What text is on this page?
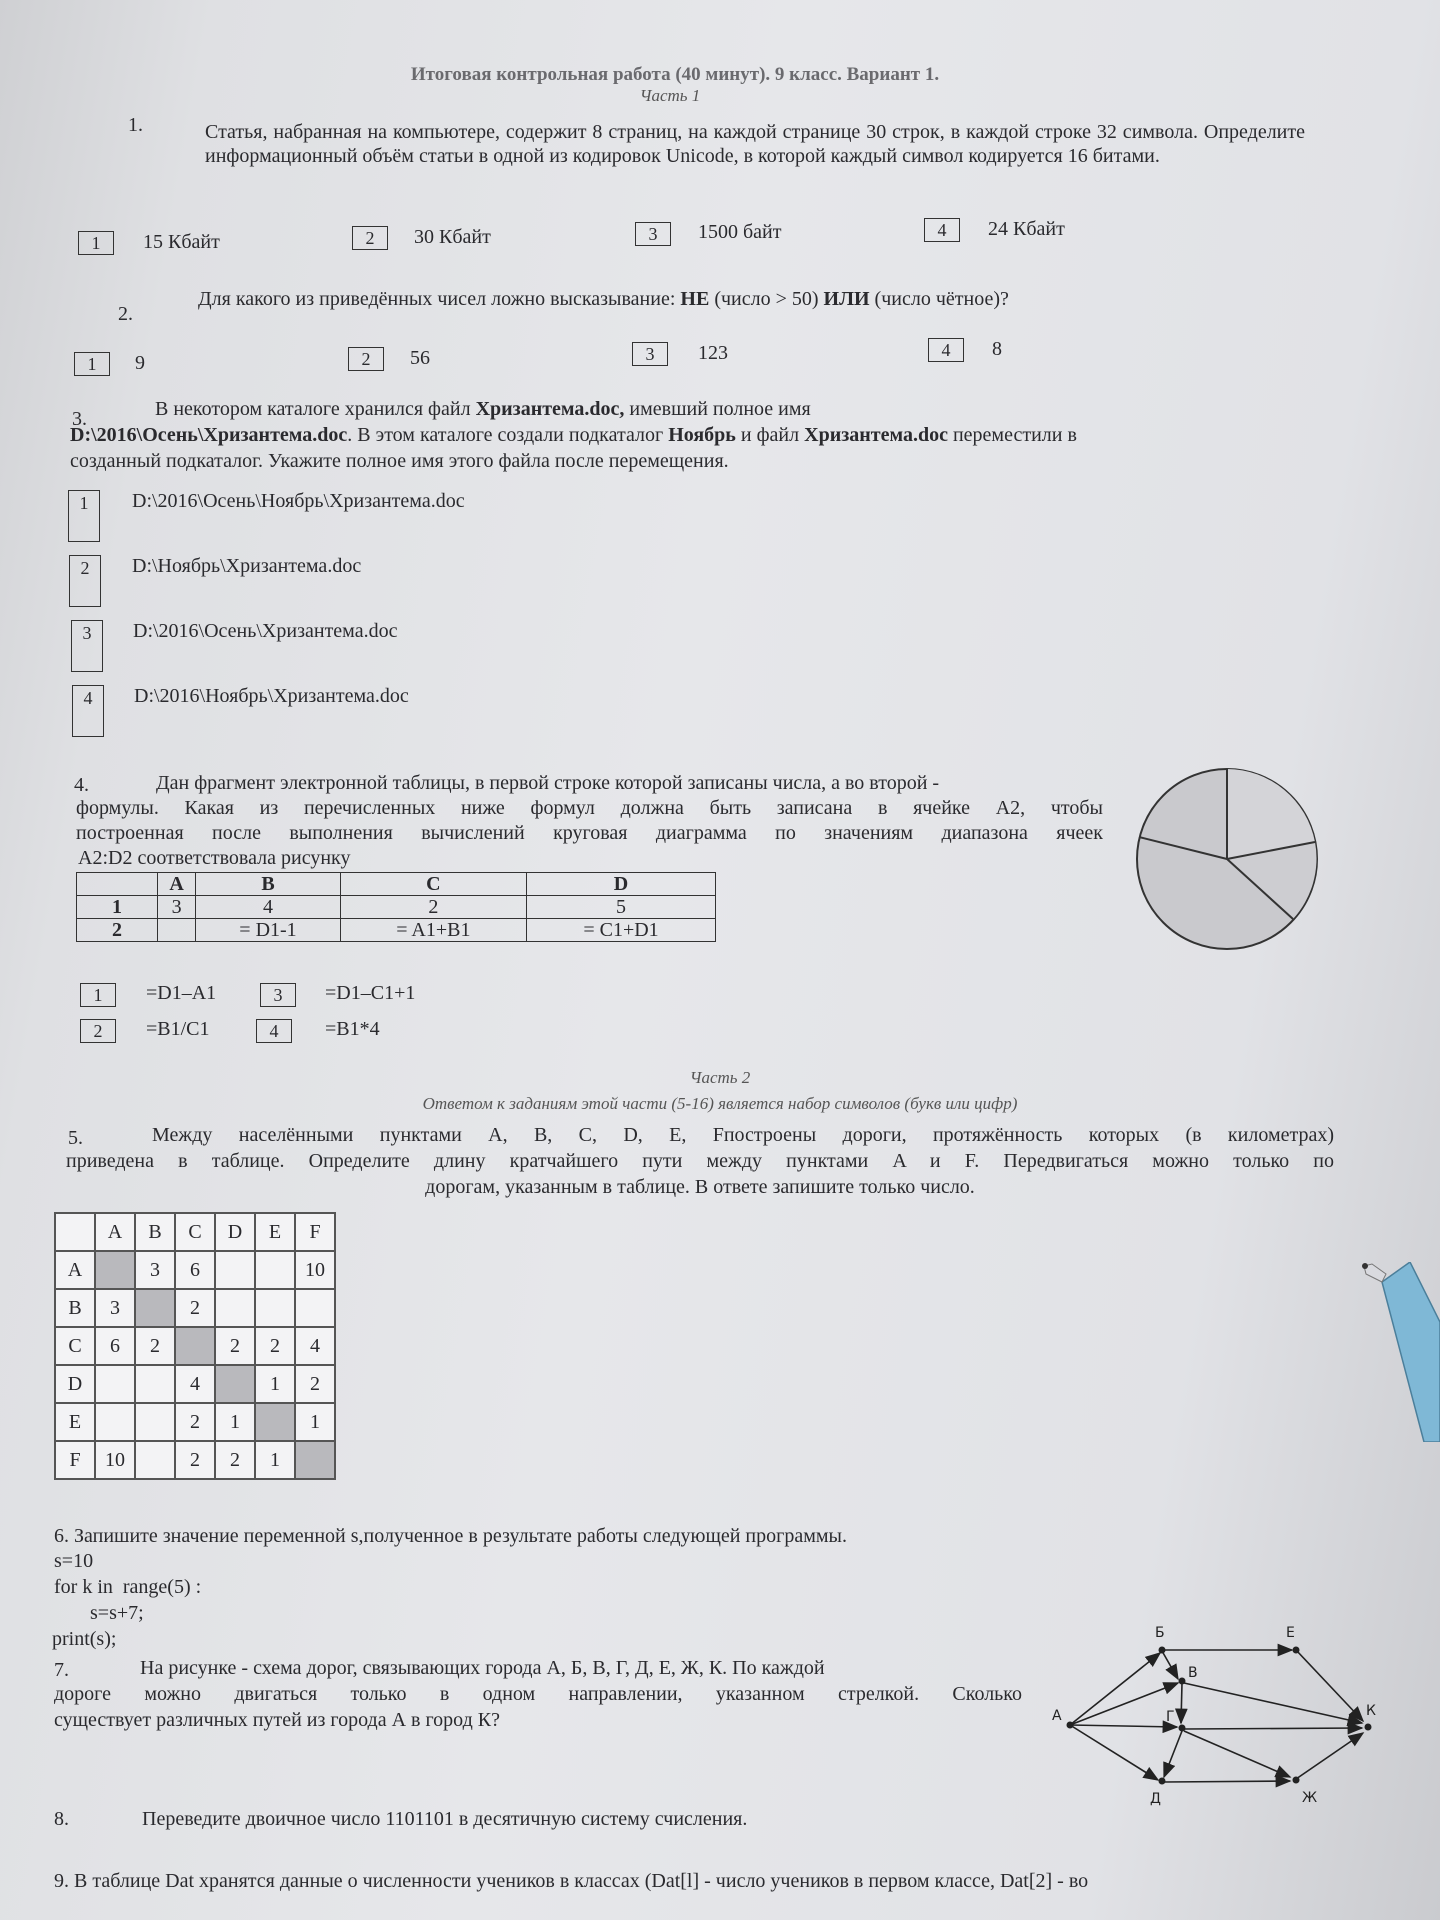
Итоговая контрольная работа (40 минут). 9 класс. Вариант 1.
Часть 1
1.	Статья, набранная на компьютере, содержит 8 страниц, на каждой странице 30 строк, в каждой строке 32 символа. Определите информационный объём статьи в одной из кодировок Unicode, в которой каждый символ кодируется 16 битами.
1	15 Кбайт	2	30 Кбайт	3	1500 байт	4	24 Кбайт
2.
Для какого из приведённых чисел ложно высказывание: НЕ (число > 50) ИЛИ (число чётное)?
1	9	2	56	3	123	4	8
3.	В некотором каталоге хранился файл Хризантема.doc, имевший полное имя
D:\2016\Осень\Хризантема.doc. В этом каталоге создали подкаталог Ноябрь и файл Хризантема.doc переместили в
созданный подкаталог. Укажите полное имя этого файла после перемещения.
1	D:\2016\Осень\Ноябрь\Хризантема.doc
2	D:\Ноябрь\Хризантема.doc
3	D:\2016\Осень\Хризантема.doc
4	D:\2016\Ноябрь\Хризантема.doc
4.	Дан фрагмент электронной таблицы, в первой строке которой записаны числа, а во второй -
формулы. Какая из перечисленных ниже формул должна быть записана в ячейке A2, чтобы
построенная после выполнения вычислений круговая диаграмма по значениям диапазона ячеек
A2:D2 соответствовала рисунку
	A	B	C	D
1	3	4	2	5
2		= D1-1	= A1+B1	= C1+D1
1	=D1–A1	3	=D1–C1+1
2	=B1/C1	4	=B1*4
Часть 2
Ответом к заданиям этой части (5-16) является набор символов (букв или цифр)
5.	Между населёнными пунктами A, B, C, D, E, Fпостроены дороги, протяжённость которых (в километрах)
приведена в таблице. Определите длину кратчайшего пути между пунктами A и F. Передвигаться можно только по
дорогам, указанным в таблице. В ответе запишите только число.
	A	B	C	D	E	F
A		3	6			10
B	3		2			
C	6	2		2	2	4
D			4		1	2
E			2	1		1
F	10		2	2	1	
6. Запишите значение переменной s,полученное в результате работы следующей программы.
s=10
for k in  range(5) :
s=s+7;
print(s);
7.	На рисунке - схема дорог, связывающих города А, Б, В, Г, Д, Е, Ж, К. По каждой
дороге можно двигаться только в одном направлении, указанном стрелкой. Сколько
существует различных путей из города А в город К?	А
Б
В
Г
Д
Е
Ж
К
8.	Переведите двоичное число 1101101 в десятичную систему счисления.
9. В таблице Dat хранятся данные о численности учеников в классах (Dat[l] - число учеников в первом классе, Dat[2] - во
